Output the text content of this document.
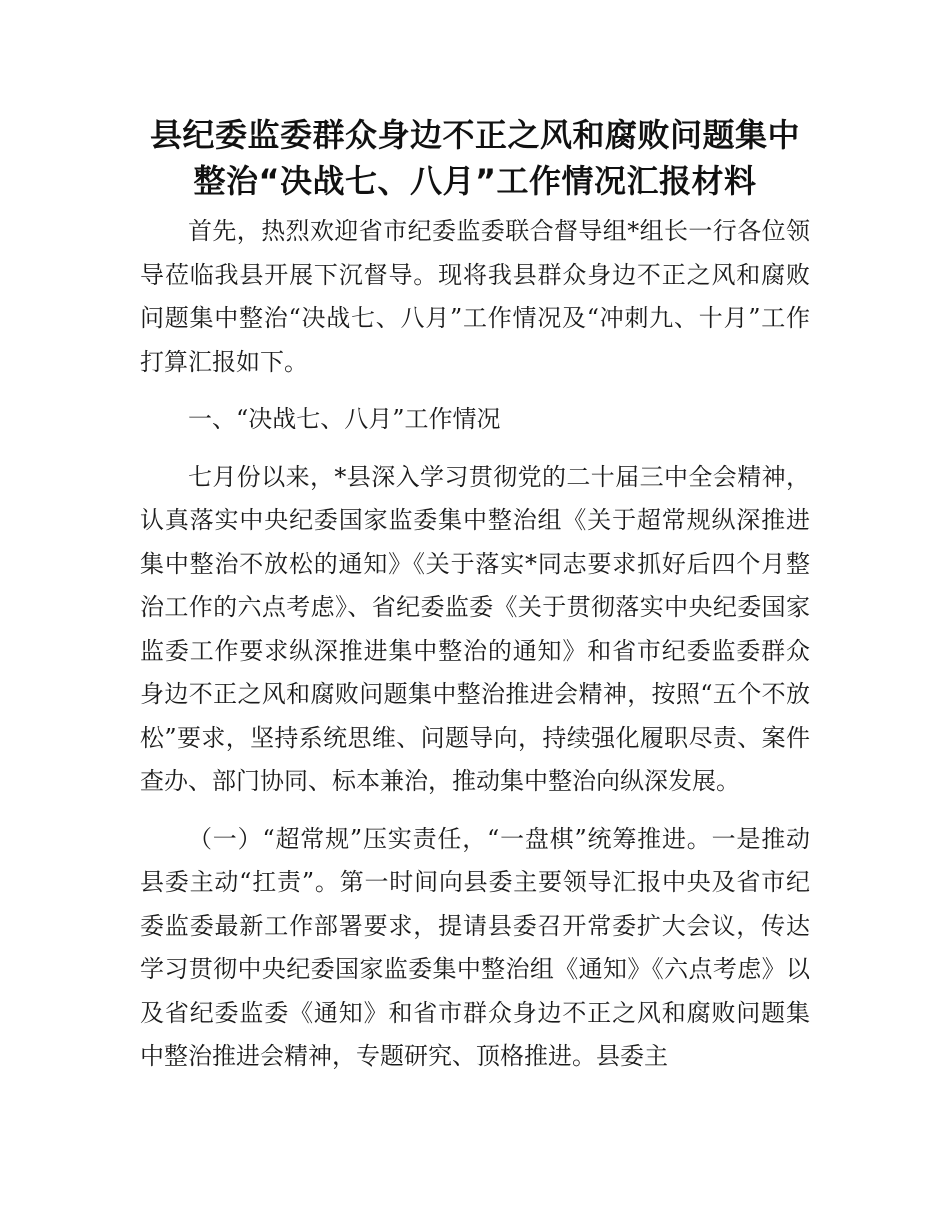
县纪委监委群众身边不正之风和腐败问题集中
整治“决战七、八月”工作情况汇报材料

首先，热烈欢迎省市纪委监委联合督导组*组长一行各位领导莅临我县开展下沉督导。现将我县群众身边不正之风和腐败问题集中整治“决战七、八月”工作情况及“冲刺九、十月”工作打算汇报如下。

一、“决战七、八月”工作情况

七月份以来，*县深入学习贯彻党的二十届三中全会精神，认真落实中央纪委国家监委集中整治组《关于超常规纵深推进集中整治不放松的通知》《关于落实*同志要求抓好后四个月整治工作的六点考虑》、省纪委监委《关于贯彻落实中央纪委国家监委工作要求纵深推进集中整治的通知》和省市纪委监委群众身边不正之风和腐败问题集中整治推进会精神，按照“五个不放松”要求，坚持系统思维、问题导向，持续强化履职尽责、案件查办、部门协同、标本兼治，推动集中整治向纵深发展。

（一）“超常规”压实责任，“一盘棋”统筹推进。一是推动县委主动“扛责”。第一时间向县委主要领导汇报中央及省市纪委监委最新工作部署要求，提请县委召开常委扩大会议，传达学习贯彻中央纪委国家监委集中整治组《通知》《六点考虑》以及省纪委监委《通知》和省市群众身边不正之风和腐败问题集中整治推进会精神，专题研究、顶格推进。县委主
